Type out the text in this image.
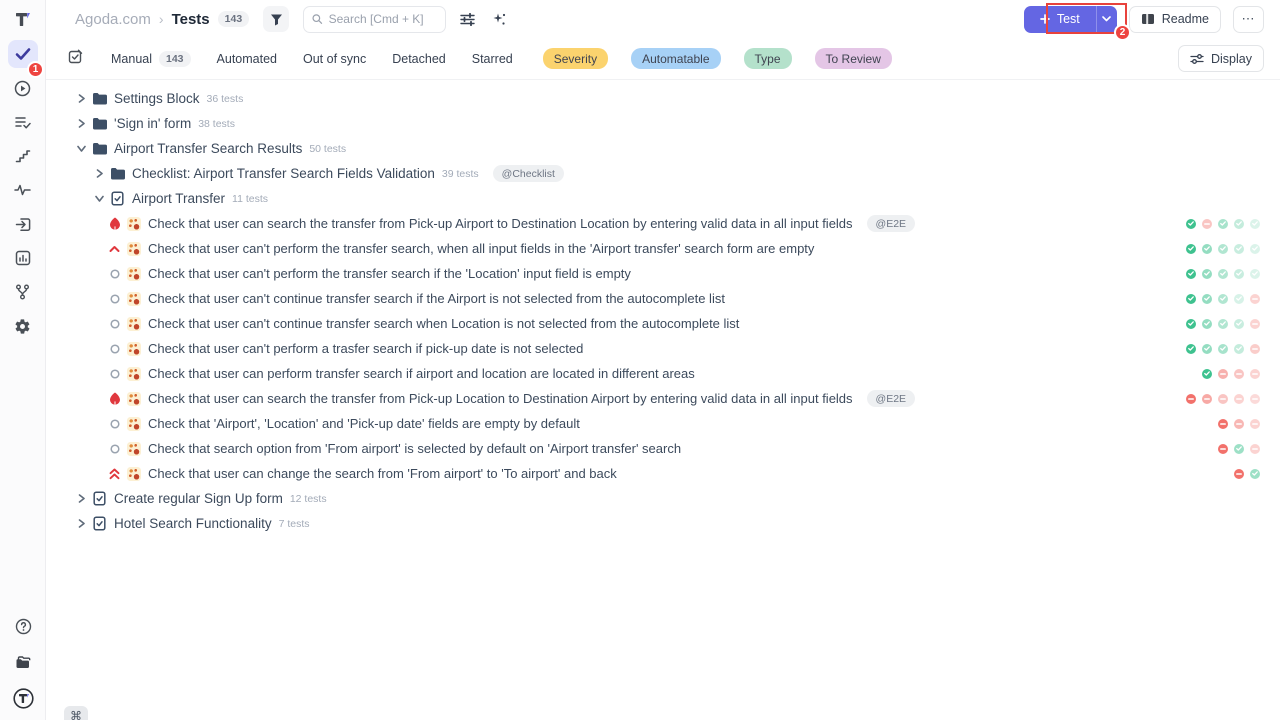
1
Agoda.com › Tests	143
Search [Cmd + K]	Test	Readme	⋯
2
Manual	143	Automated Out of sync Detached Starred	Severity	Automatable	Type	To Review	Display
Settings Block 36 tests
'Sign in' form 38 tests
Airport Transfer Search Results 50 tests
Checklist: Airport Transfer Search Fields Validation 39 tests	@Checklist
Airport Transfer 11 tests
Check that user can search the transfer from Pick-up Airport to Destination Location by entering valid data in all input fields	@E2E
Check that user can't perform the transfer search, when all input fields in the 'Airport transfer' search form are empty
Check that user can't perform the transfer search if the 'Location' input field is empty
Check that user can't continue transfer search if the Airport is not selected from the autocomplete list
Check that user can't continue transfer search when Location is not selected from the autocomplete list
Check that user can't perform a trasfer search if pick-up date is not selected
Check that user can perform transfer search if airport and location are located in different areas
Check that user can search the transfer from Pick-up Location to Destination Airport by entering valid data in all input fields	@E2E
Check that 'Airport', 'Location' and 'Pick-up date' fields are empty by default
Check that search option from 'From airport' is selected by default on 'Airport transfer' search
Check that user can change the search from 'From airport' to 'To airport' and back
Create regular Sign Up form 12 tests
Hotel Search Functionality 7 tests
⌘
